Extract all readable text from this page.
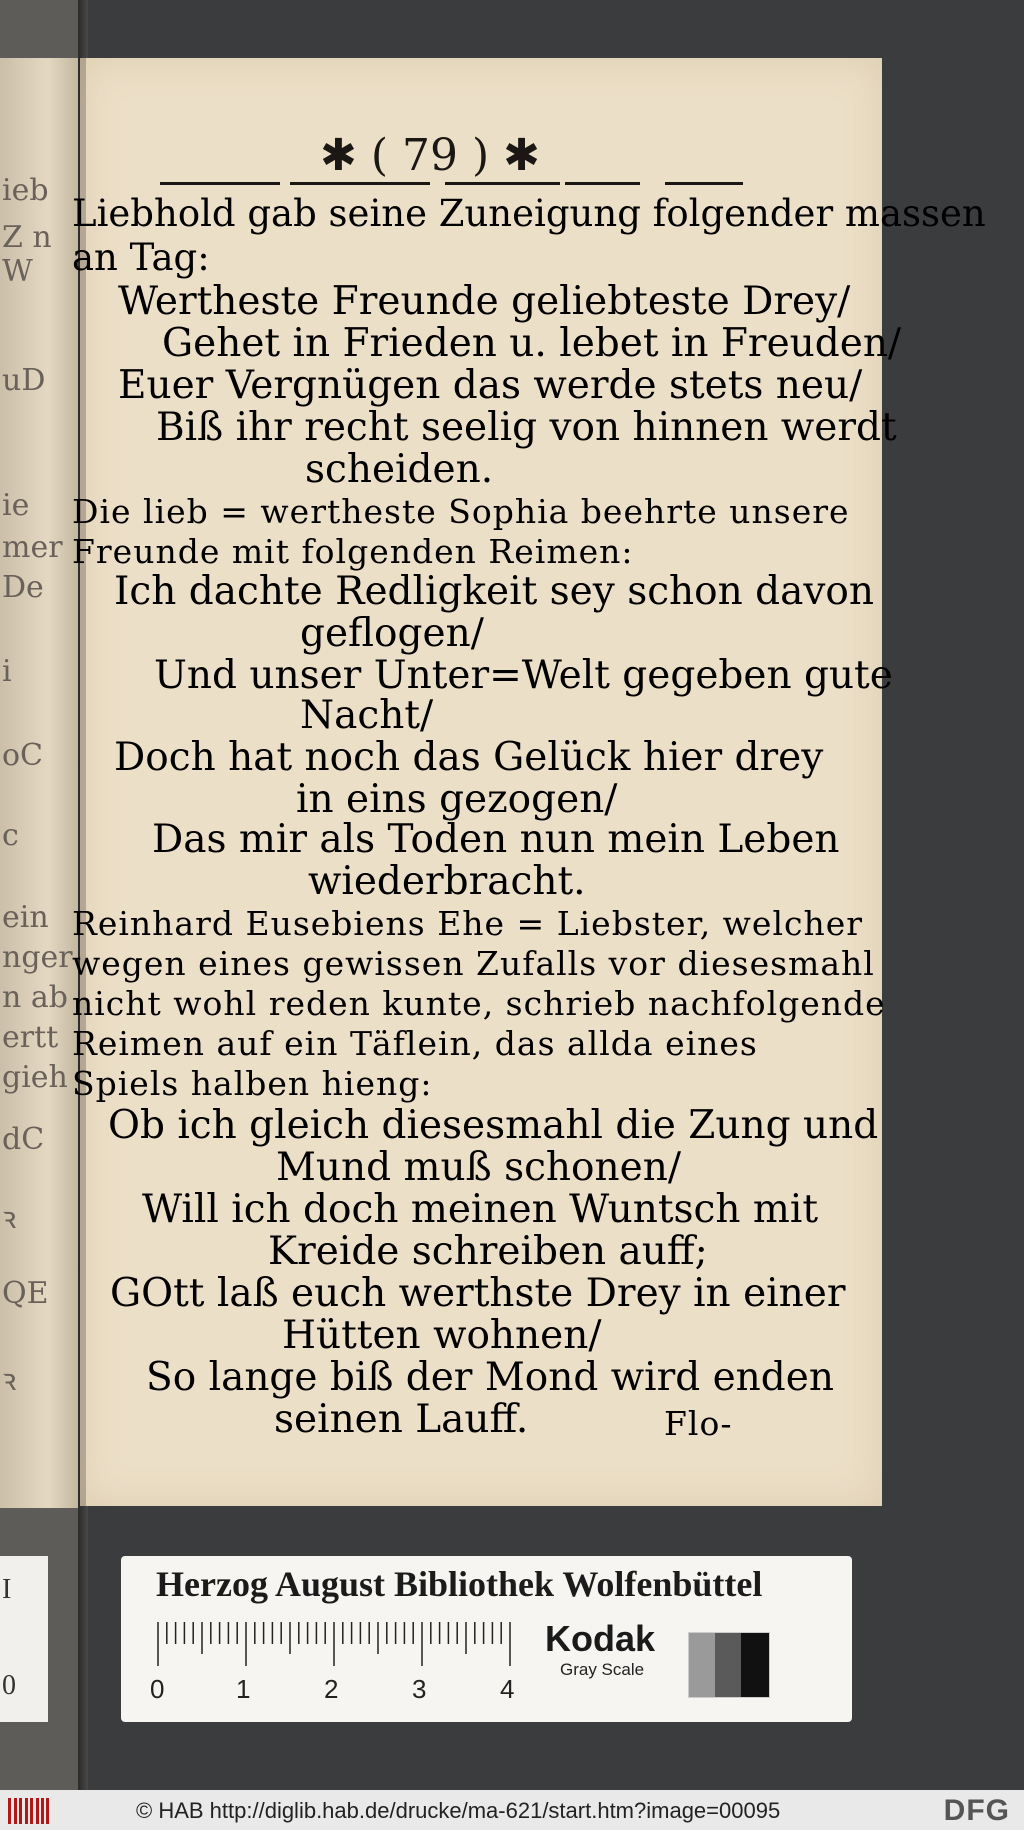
ieb
Z n
W
uD
ie
mer
De
i
oC
c
ein
nger
n ab
ertt
gieh
dC
ꝛ
QE
ꝛ
✱ ( 79 ) ✱
Liebhold gab seine Zuneigung folgender massen
an Tag:
Wertheste Freunde geliebteste Drey/
Gehet in Frieden u. lebet in Freuden/
Euer Vergnügen das werde stets neu/
Biß ihr recht seelig von hinnen werdt
scheiden.
Die lieb = wertheste Sophia beehrte unsere
Freunde mit folgenden Reimen:
Ich dachte Redligkeit sey schon davon
geflogen/
Und unser Unter=Welt gegeben gute
Nacht/
Doch hat noch das Gelück hier drey
in eins gezogen/
Das mir als Toden nun mein Leben
wiederbracht.
Reinhard Eusebiens Ehe = Liebster, welcher
wegen eines gewissen Zufalls vor diesesmahl
nicht wohl reden kunte, schrieb nachfolgende
Reimen auf ein Täflein, das allda eines
Spiels halben hieng:
Ob ich gleich diesesmahl die Zung und
Mund muß schonen/
Will ich doch meinen Wuntsch mit
Kreide schreiben auff;
GOtt laß euch werthste Drey in einer
Hütten wohnen/
So lange biß der Mond wird enden
seinen Lauff.	Flo-
I
0
Herzog August Bibliothek Wolfenbüttel
0	1	2	3	4
Kodak
Gray Scale
© HAB http://diglib.hab.de/drucke/ma-621/start.htm?image=00095	DFG
